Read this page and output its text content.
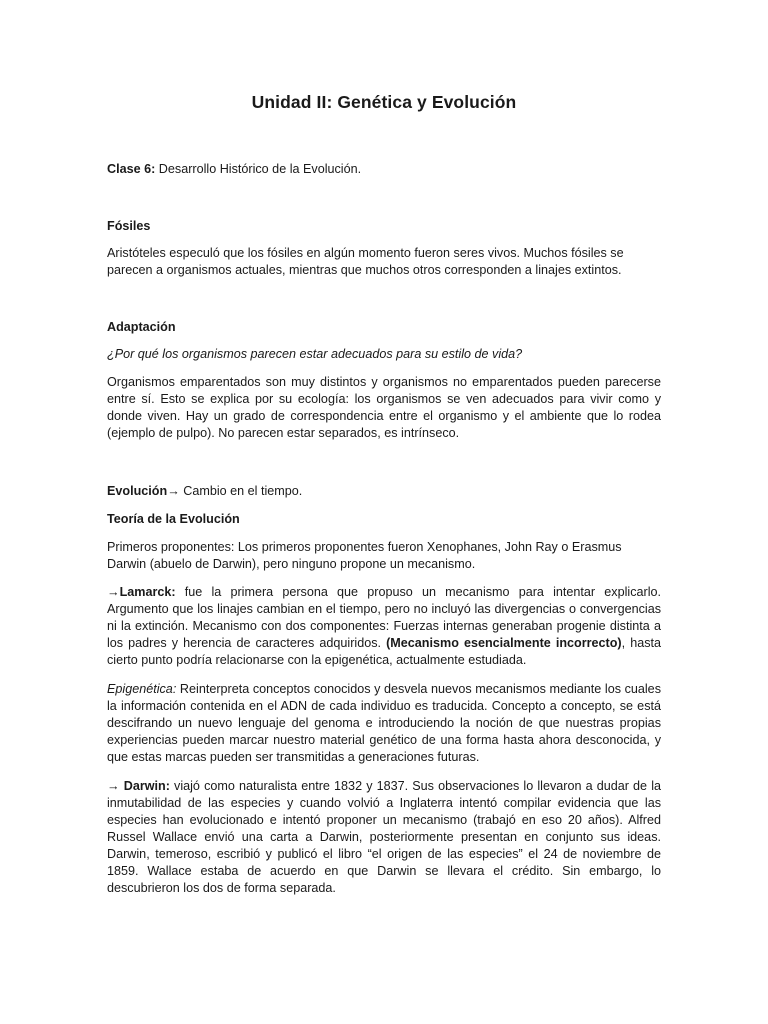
Unidad II: Genética y Evolución

Clase 6: Desarrollo Histórico de la Evolución.

Fósiles

Aristóteles especuló que los fósiles en algún momento fueron seres vivos. Muchos fósiles se parecen a organismos actuales, mientras que muchos otros corresponden a linajes extintos.

Adaptación

¿Por qué los organismos parecen estar adecuados para su estilo de vida?

Organismos emparentados son muy distintos y organismos no emparentados pueden parecerse entre sí. Esto se explica por su ecología: los organismos se ven adecuados para vivir como y donde viven. Hay un grado de correspondencia entre el organismo y el ambiente que lo rodea (ejemplo de pulpo). No parecen estar separados, es intrínseco.

Evolución→ Cambio en el tiempo.

Teoría de la Evolución

Primeros proponentes: Los primeros proponentes fueron Xenophanes, John Ray o Erasmus Darwin (abuelo de Darwin), pero ninguno propone un mecanismo.

→Lamarck: fue la primera persona que propuso un mecanismo para intentar explicarlo. Argumento que los linajes cambian en el tiempo, pero no incluyó las divergencias o convergencias ni la extinción. Mecanismo con dos componentes: Fuerzas internas generaban progenie distinta a los padres y herencia de caracteres adquiridos. (Mecanismo esencialmente incorrecto), hasta cierto punto podría relacionarse con la epigenética, actualmente estudiada.

Epigenética: Reinterpreta conceptos conocidos y desvela nuevos mecanismos mediante los cuales la información contenida en el ADN de cada individuo es traducida. Concepto a concepto, se está descifrando un nuevo lenguaje del genoma e introduciendo la noción de que nuestras propias experiencias pueden marcar nuestro material genético de una forma hasta ahora desconocida, y que estas marcas pueden ser transmitidas a generaciones futuras.

→ Darwin: viajó como naturalista entre 1832 y 1837. Sus observaciones lo llevaron a dudar de la inmutabilidad de las especies y cuando volvió a Inglaterra intentó compilar evidencia que las especies han evolucionado e intentó proponer un mecanismo (trabajó en eso 20 años). Alfred Russel Wallace envió una carta a Darwin, posteriormente presentan en conjunto sus ideas. Darwin, temeroso, escribió y publicó el libro “el origen de las especies” el 24 de noviembre de 1859. Wallace estaba de acuerdo en que Darwin se llevara el crédito. Sin embargo, lo descubrieron los dos de forma separada.
